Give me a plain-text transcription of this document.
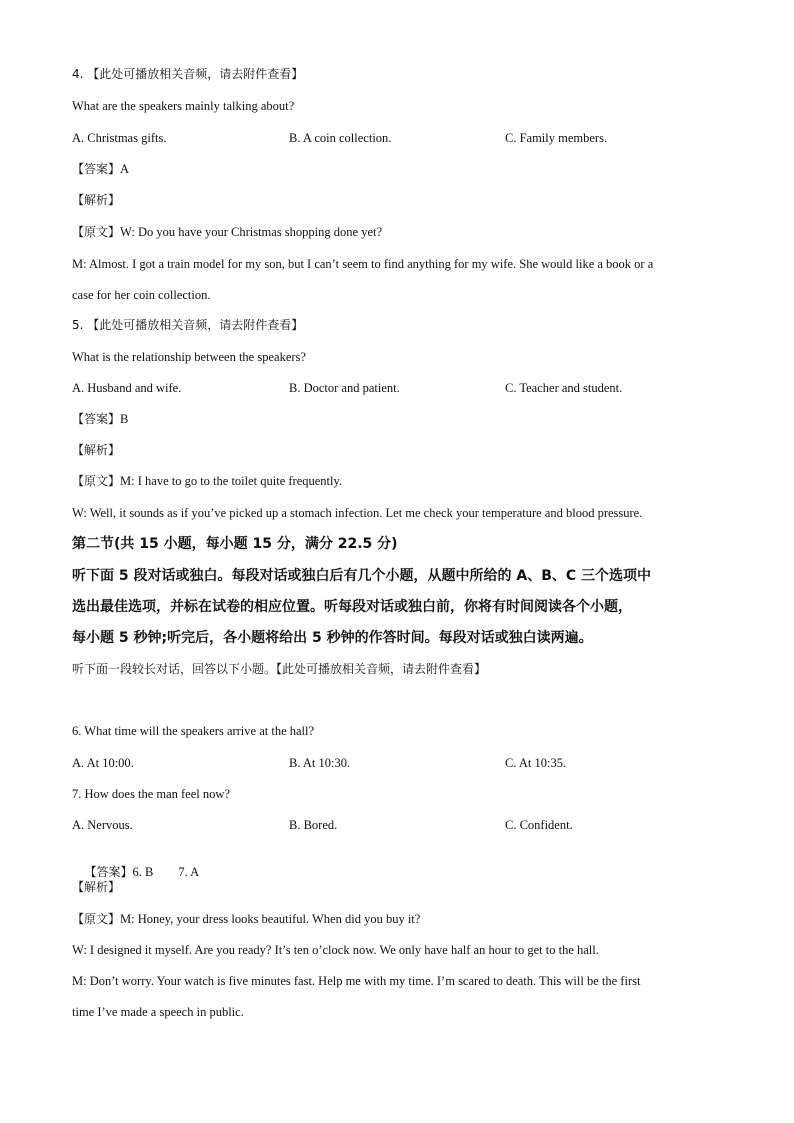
4. 【此处可播放相关音频，请去附件查看】
What are the speakers mainly talking about?
A. Christmas gifts.	B. A coin collection.	C. Family members.
【答案】A
【解析】
【原文】W: Do you have your Christmas shopping done yet?
M: Almost. I got a train model for my son, but I can’t seem to find anything for my wife. She would like a book or a
case for her coin collection.
5. 【此处可播放相关音频，请去附件查看】
What is the relationship between the speakers?
A. Husband and wife.	B. Doctor and patient.	C. Teacher and student.
【答案】B
【解析】
【原文】M: I have to go to the toilet quite frequently.
W: Well, it sounds as if you’ve picked up a stomach infection. Let me check your temperature and blood pressure.
第二节(共 15 小题，每小题 15 分，满分 22.5 分)
听下面 5 段对话或独白。每段对话或独白后有几个小题，从题中所给的 A、B、C 三个选项中
选出最佳选项，并标在试卷的相应位置。听每段对话或独白前，你将有时间阅读各个小题，
每小题 5 秒钟;听完后，各小题将给出 5 秒钟的作答时间。每段对话或独白读两遍。
听下面一段较长对话，回答以下小题。【此处可播放相关音频，请去附件查看】
6. What time will the speakers arrive at the hall?
A. At 10:00.	B. At 10:30.	C. At 10:35.
7. How does the man feel now?
A. Nervous.	B. Bored.	C. Confident.

【答案】6. B        7. A

【解析】
【原文】M: Honey, your dress looks beautiful. When did you buy it?
W: I designed it myself. Are you ready? It’s ten o’clock now. We only have half an hour to get to the hall.
M: Don’t worry. Your watch is five minutes fast. Help me with my time. I’m scared to death. This will be the first
time I’ve made a speech in public.
